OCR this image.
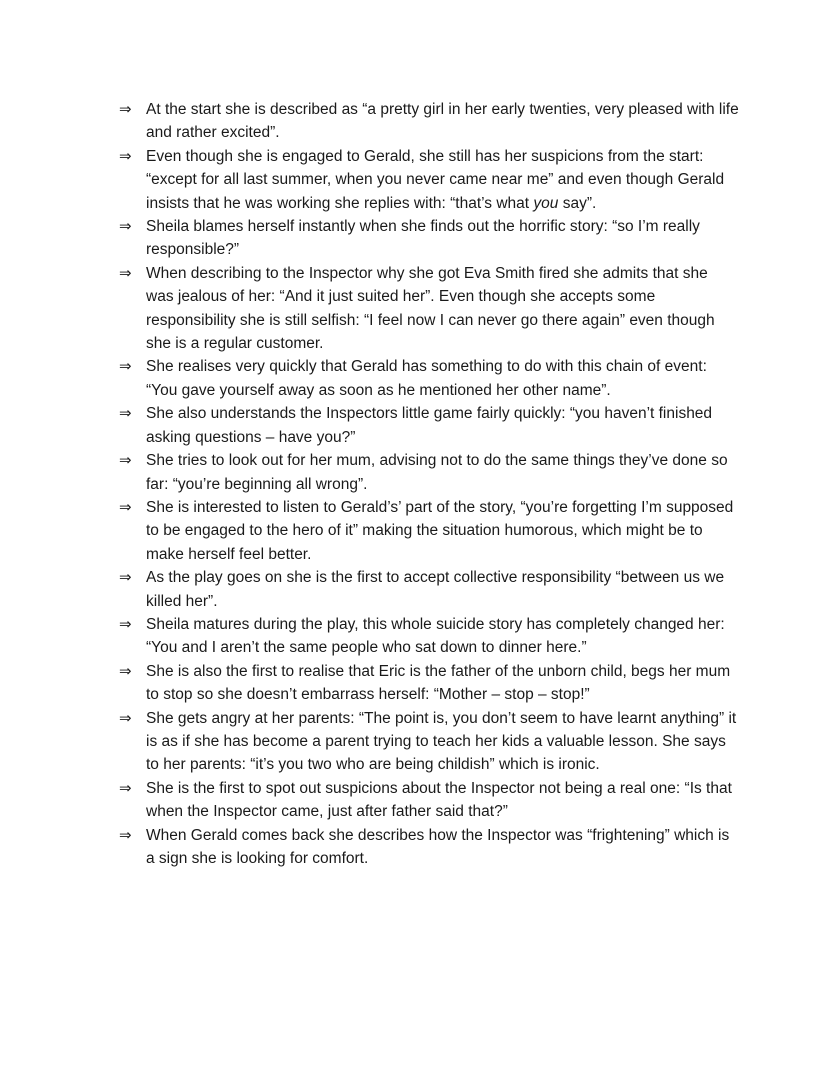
⇒ At the start she is described as “a pretty girl in her early twenties, very pleased with life and rather excited”.
⇒ Even though she is engaged to Gerald, she still has her suspicions from the start: “except for all last summer, when you never came near me” and even though Gerald insists that he was working she replies with: “that’s what you say”.
⇒ Sheila blames herself instantly when she finds out the horrific story: “so I’m really responsible?”
⇒ When describing to the Inspector why she got Eva Smith fired she admits that she was jealous of her: “And it just suited her”. Even though she accepts some responsibility she is still selfish: “I feel now I can never go there again” even though she is a regular customer.
⇒ She realises very quickly that Gerald has something to do with this chain of event: “You gave yourself away as soon as he mentioned her other name”.
⇒ She also understands the Inspectors little game fairly quickly: “you haven’t finished asking questions – have you?”
⇒ She tries to look out for her mum, advising not to do the same things they’ve done so far: “you’re beginning all wrong”.
⇒ She is interested to listen to Gerald’s’ part of the story, “you’re forgetting I’m supposed to be engaged to the hero of it” making the situation humorous, which might be to make herself feel better.
⇒ As the play goes on she is the first to accept collective responsibility “between us we killed her”.
⇒ Sheila matures during the play, this whole suicide story has completely changed her: “You and I aren’t the same people who sat down to dinner here.”
⇒ She is also the first to realise that Eric is the father of the unborn child, begs her mum to stop so she doesn’t embarrass herself: “Mother – stop – stop!”
⇒ She gets angry at her parents: “The point is, you don’t seem to have learnt anything” it is as if she has become a parent trying to teach her kids a valuable lesson. She says to her parents: “it’s you two who are being childish” which is ironic.
⇒ She is the first to spot out suspicions about the Inspector not being a real one: “Is that when the Inspector came, just after father said that?”
⇒ When Gerald comes back she describes how the Inspector was “frightening” which is a sign she is looking for comfort.
